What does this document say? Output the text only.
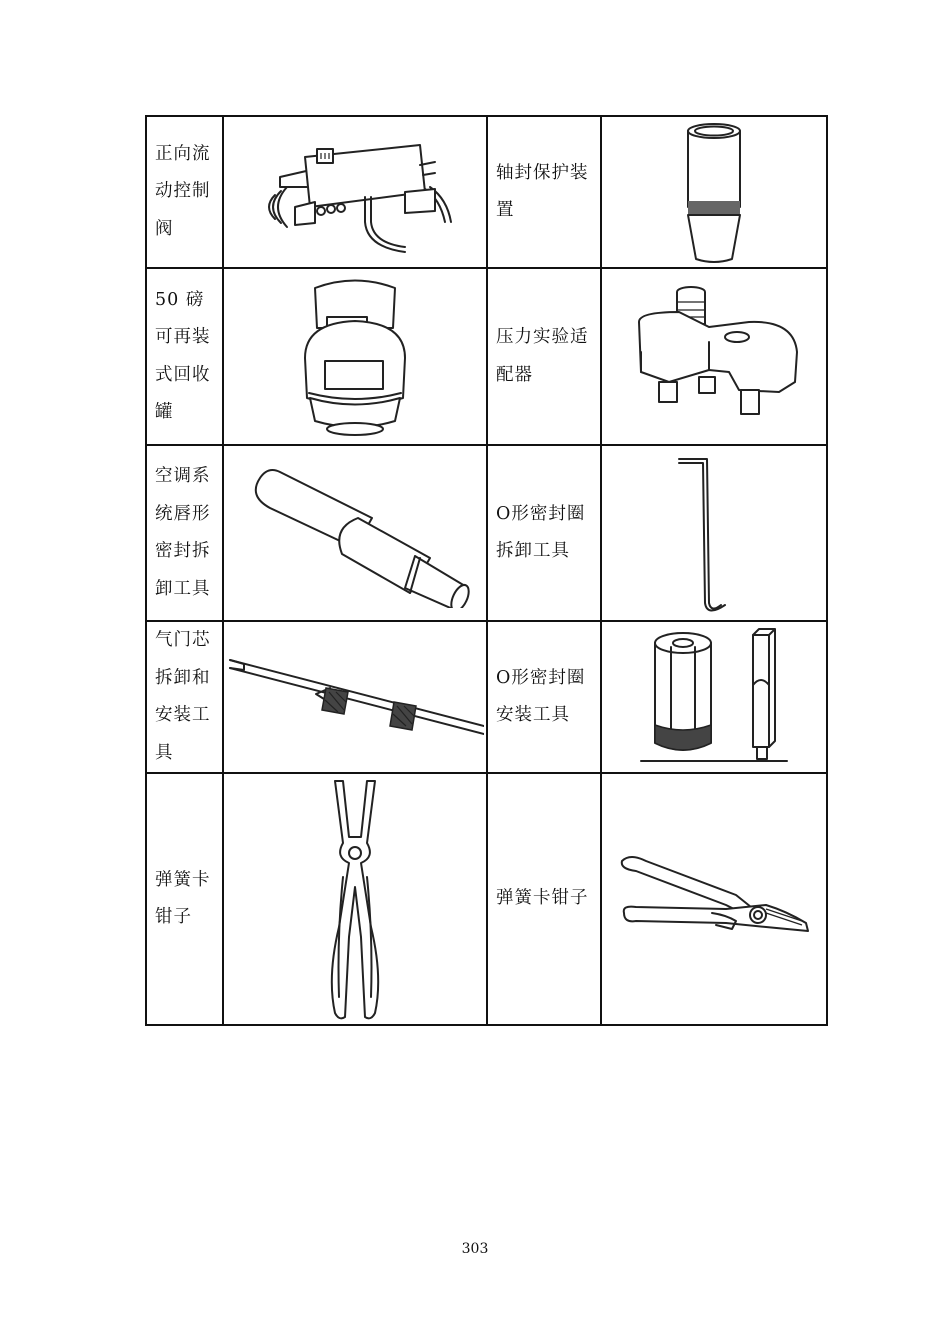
正向流动控制阀		轴封保护装置

50 磅可再装式回收罐		压力实验适配器

空调系统唇形密封拆卸工具		O形密封圈拆卸工具

气门芯拆卸和安装工具		O形密封圈安装工具

弹簧卡钳子		弹簧卡钳子

303
